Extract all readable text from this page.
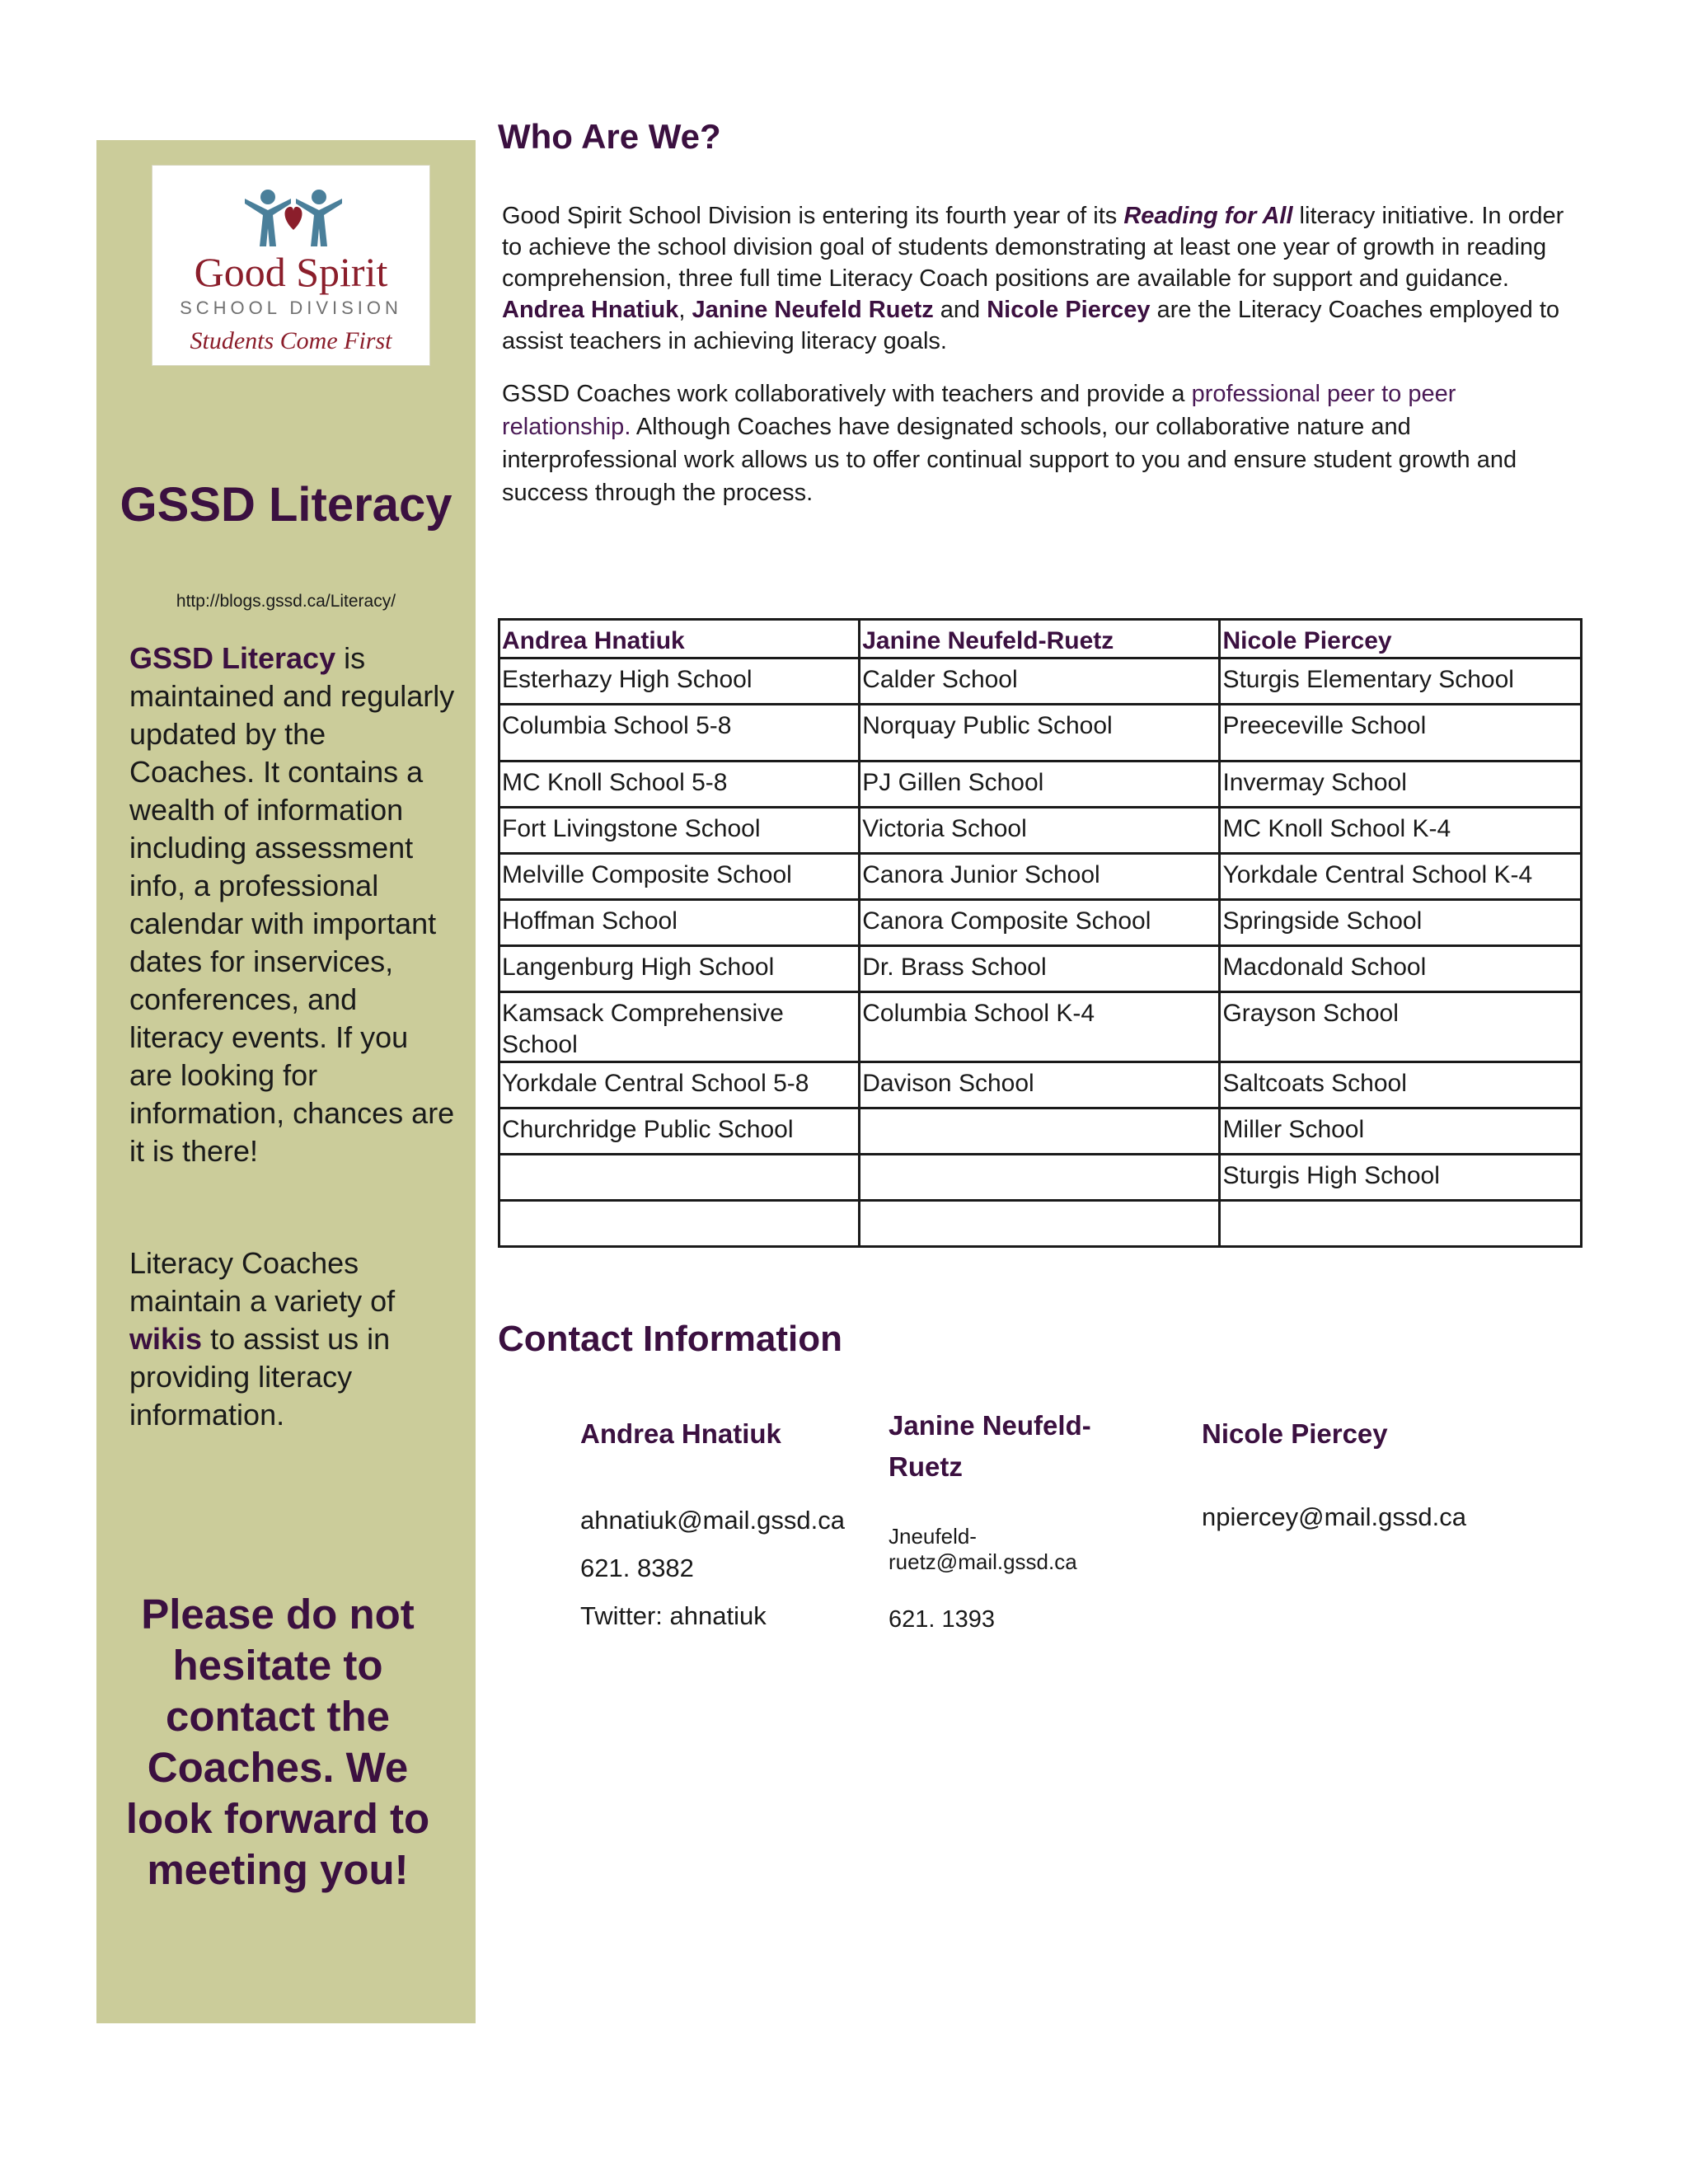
Good Spirit
SCHOOL DIVISION
Students Come First
GSSD Literacy
http://blogs.gssd.ca/Literacy/
GSSD Literacy is maintained and regularly updated by the Coaches. It contains a wealth of information including assessment info, a professional calendar with important dates for inservices, conferences, and literacy events. If you are looking for information, chances are it is there!
Literacy Coaches maintain a variety of wikis to assist us in providing literacy information.
Please do not hesitate to contact the Coaches. We look forward to meeting you!
Who Are We?
Good Spirit School Division is entering its fourth year of its Reading for All literacy initiative. In order to achieve the school division goal of students demonstrating at least one year of growth in reading comprehension, three full time Literacy Coach positions are available for support and guidance. Andrea Hnatiuk, Janine Neufeld Ruetz and Nicole Piercey are the Literacy Coaches employed to assist teachers in achieving literacy goals.
GSSD Coaches work collaboratively with teachers and provide a professional peer to peer relationship. Although Coaches have designated schools, our collaborative nature and interprofessional work allows us to offer continual support to you and ensure student growth and success through the process.
Andrea Hnatiuk	Janine Neufeld-Ruetz	Nicole Piercey
Esterhazy High School	Calder School	Sturgis Elementary School
Columbia School 5-8	Norquay Public School	Preeceville School
MC Knoll School 5-8	PJ Gillen School	Invermay School
Fort Livingstone School	Victoria School	MC Knoll School K-4
Melville Composite School	Canora Junior School	Yorkdale Central School K-4
Hoffman School	Canora Composite School	Springside School
Langenburg High School	Dr. Brass School	Macdonald School
Kamsack Comprehensive School	Columbia School K-4	Grayson School
Yorkdale Central School 5-8	Davison School	Saltcoats School
Churchridge Public School		Miller School
		Sturgis High School

Contact Information
Andrea Hnatiuk
ahnatiuk@mail.gssd.ca
621. 8382
Twitter: ahnatiuk
Janine Neufeld-Ruetz
Jneufeld-ruetz@mail.gssd.ca
621. 1393
Nicole Piercey
npiercey@mail.gssd.ca
